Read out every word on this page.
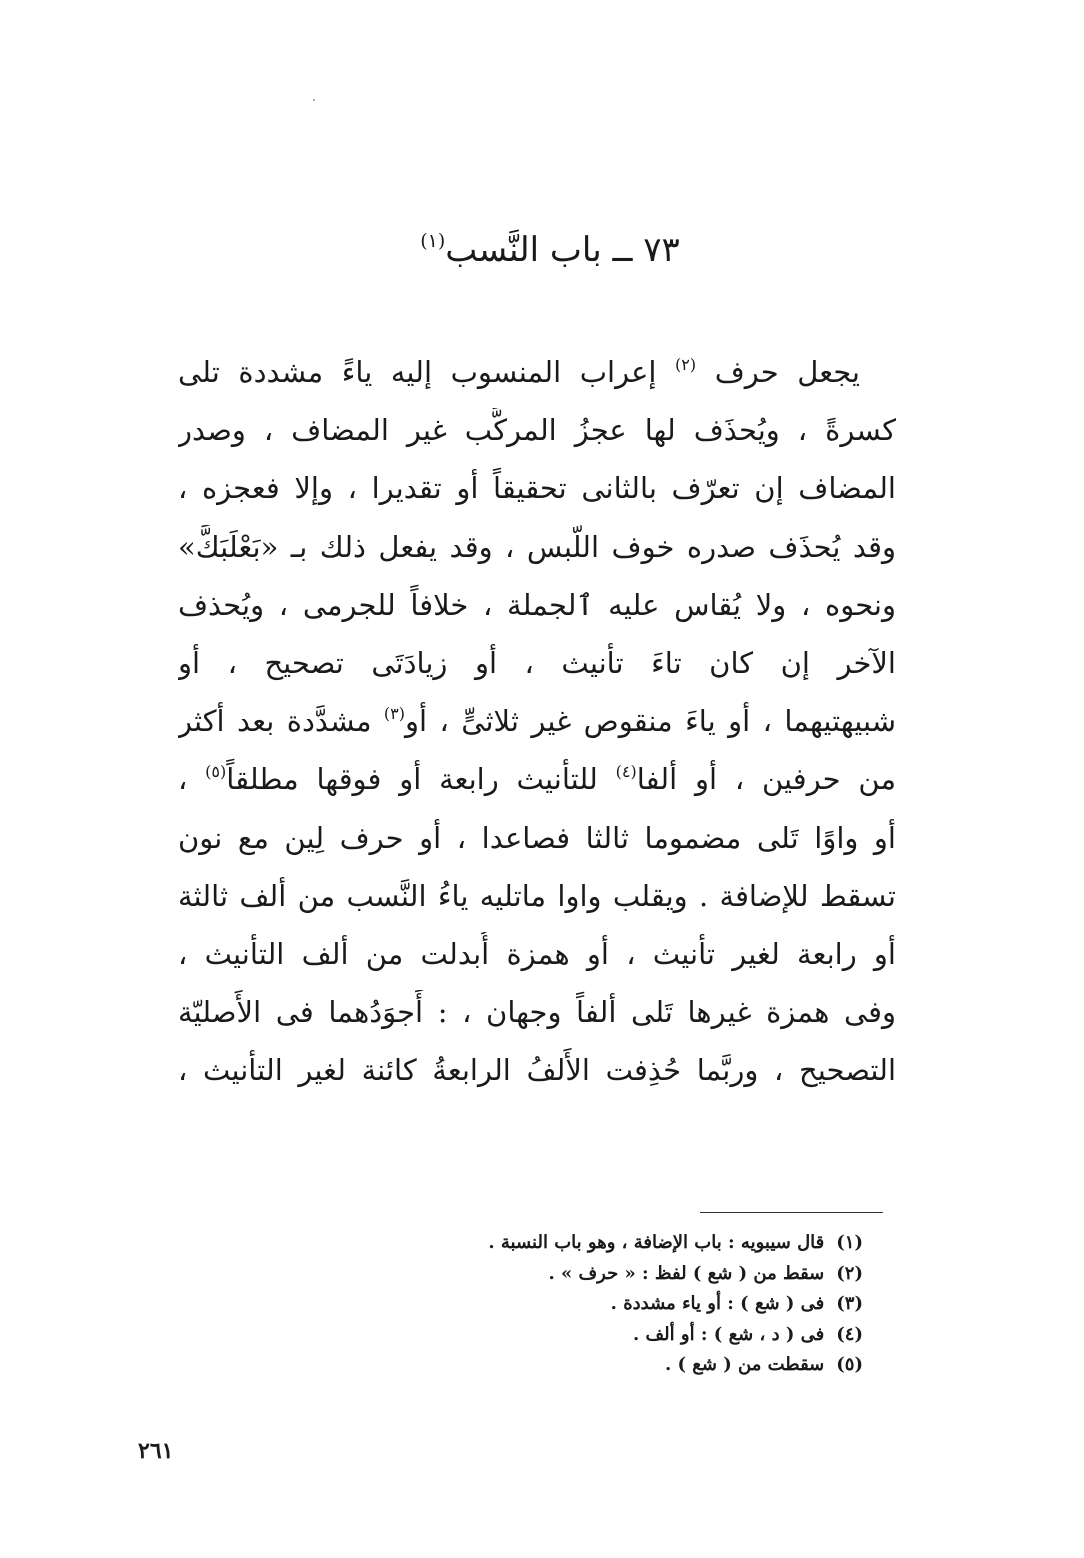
٧٣ ــ باب النَّسب$^{(١)}$
يجعل حرف $^{(٢)}$ إعراب المنسوب إليه ياءً مشددة تلى
كسرةً ، ويُحذَف لها عجزُ المركَّب غير المضاف ، وصدر
المضاف إن تعرّف بالثانى تحقيقاً أو تقديرا ، وإلا فعجزه ،
وقد يُحذَف صدره خوف اللَّبس ، وقد يفعل ذلك بـ «بَعْلَبَكَّ»
ونحوه ، ولا يُقاس عليه ٱلجملة ، خلافاً للجرمى ، ويُحذف
الآخر إن كان تاءَ تأنيث ، أو زيادَتَى تصحيح ، أو
شبيهتيهما ، أو ياءَ منقوص غير ثلاثىٍّ ، أو$^{(٣)}$ مشدَّدة بعد أكثر
من حرفين ، أو ألفا$^{(٤)}$ للتأنيث رابعة أو فوقها مطلقاً$^{(٥)}$ ،
أو واوًا تَلى مضموما ثالثا فصاعدا ، أو حرف لِين مع نون
تسقط للإضافة . ويقلب واوا ماتليه ياءُ النَّسب من ألف ثالثة
أو رابعة لغير تأنيث ، أو همزة أُبدلت من ألف التأنيث ،
وفى همزة غيرها تَلى ألفاً وجهان ، : أَجوَدُهما فى الأَصليّة
التصحيح ، وربَّما حُذِفت الأَلفُ الرابعةُ كائنة لغير التأنيث ،
(١)قال سيبويه : باب الإضافة ، وهو باب النسبة .
(٢)سقط من ( شع ) لفظ : « حرف » .
(٣)فى ( شع ) : أو ياء مشددة .
(٤)فى ( د ، شع ) : أو ألف .
(٥)سقطت من ( شع ) .
٢٦١
